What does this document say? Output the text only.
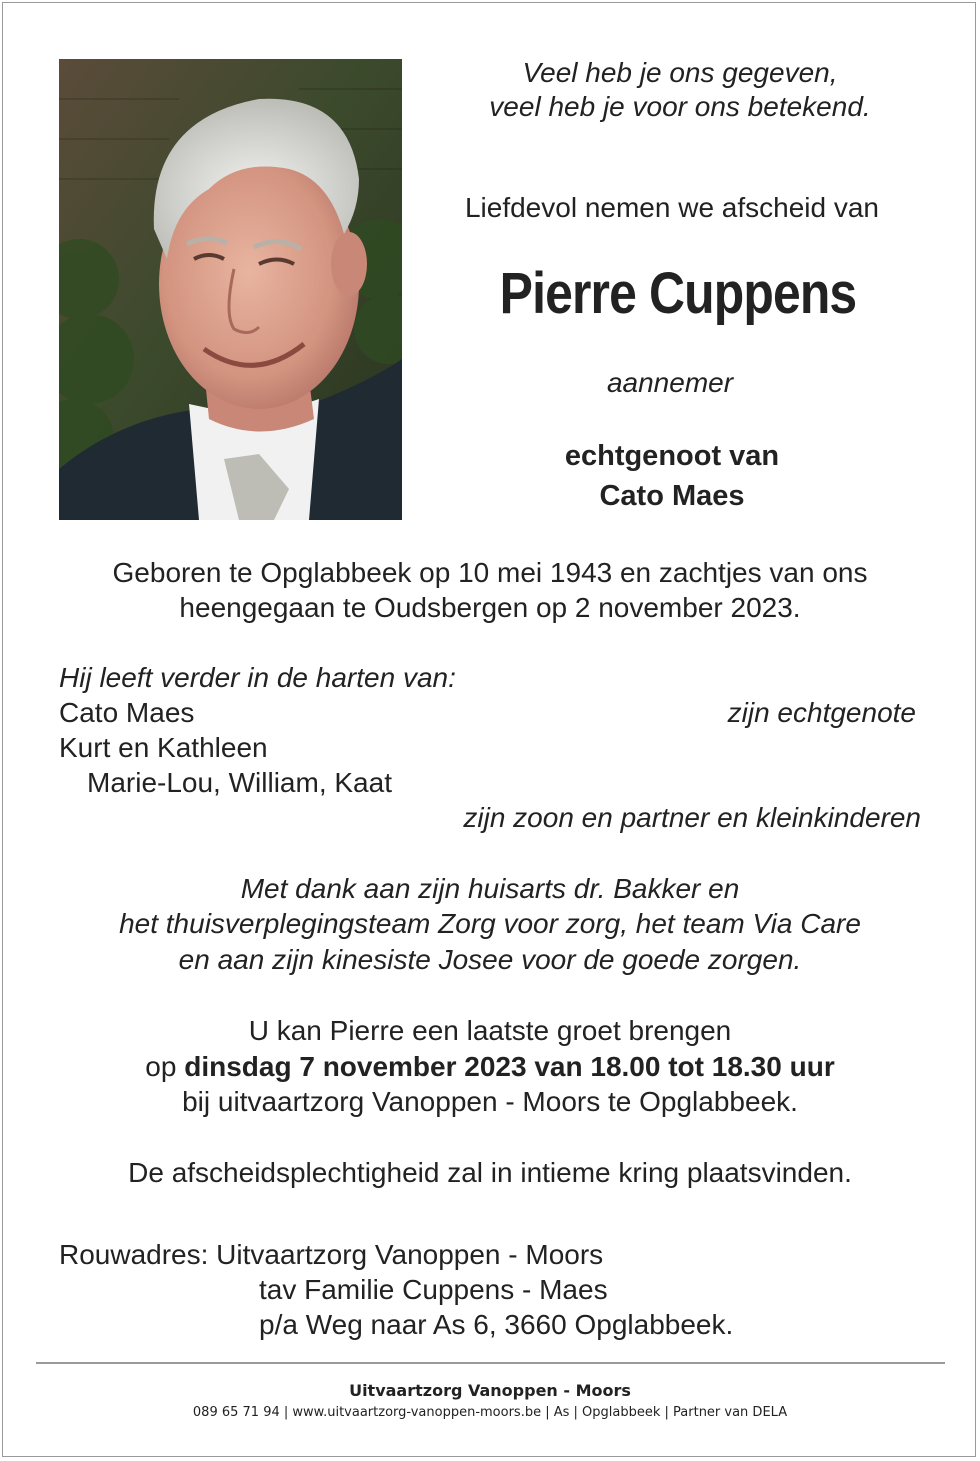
Veel heb je ons gegeven,

veel heb je voor ons betekend.

Liefdevol nemen we afscheid van

Pierre Cuppens

aannemer

echtgenoot van

Cato Maes

Geboren te Opglabbeek op 10 mei 1943 en zachtjes van ons

heengegaan te Oudsbergen op 2 november 2023.

Hij leeft verder in de harten van:

Cato Maes	zijn echtgenote

Kurt en Kathleen

Marie-Lou, William, Kaat

zijn zoon en partner en kleinkinderen

Met dank aan zijn huisarts dr. Bakker en

het thuisverplegingsteam Zorg voor zorg, het team Via Care

en aan zijn kinesiste Josee voor de goede zorgen.

U kan Pierre een laatste groet brengen

op dinsdag 7 november 2023 van 18.00 tot 18.30 uur

bij uitvaartzorg Vanoppen - Moors te Opglabbeek.

De afscheidsplechtigheid zal in intieme kring plaatsvinden.

Rouwadres: Uitvaartzorg Vanoppen - Moors

tav Familie Cuppens - Maes

p/a Weg naar As 6, 3660 Opglabbeek.

Uitvaartzorg Vanoppen - Moors
089 65 71 94 | www.uitvaartzorg-vanoppen-moors.be | As | Opglabbeek | Partner van DELA
